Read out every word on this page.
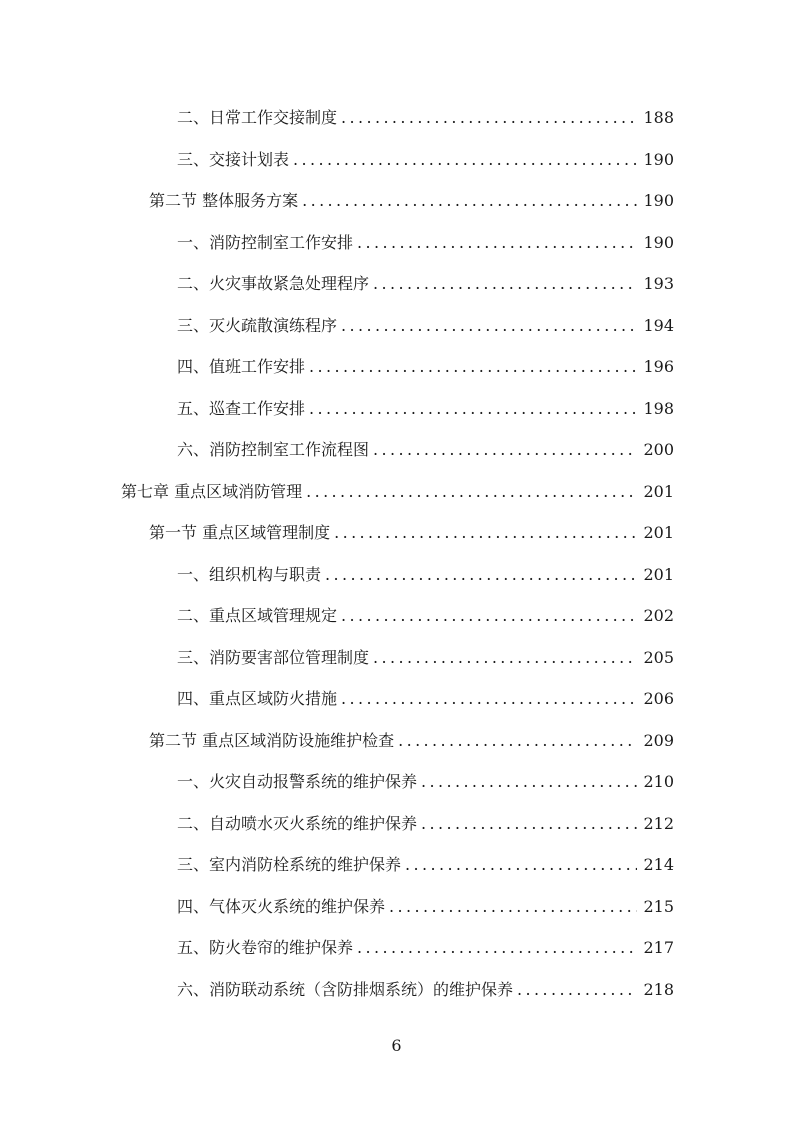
二、日常工作交接制度 .....	188
三、交接计划表 .....	190
第二节 整体服务方案 .....	190
一、消防控制室工作安排 .....	190
二、火灾事故紧急处理程序 .....	193
三、灭火疏散演练程序 .....	194
四、值班工作安排 .....	196
五、巡查工作安排 .....	198
六、消防控制室工作流程图 .....	200
第七章 重点区域消防管理 .....	201
第一节 重点区域管理制度 .....	201
一、组织机构与职责 .....	201
二、重点区域管理规定 .....	202
三、消防要害部位管理制度 .....	205
四、重点区域防火措施 .....	206
第二节 重点区域消防设施维护检查 .....	209
一、火灾自动报警系统的维护保养 .....	210
二、自动喷水灭火系统的维护保养 .....	212
三、室内消防栓系统的维护保养 .....	214
四、气体灭火系统的维护保养 .....	215
五、防火卷帘的维护保养 .....	217
六、消防联动系统（含防排烟系统）的维护保养 .....	218
6
